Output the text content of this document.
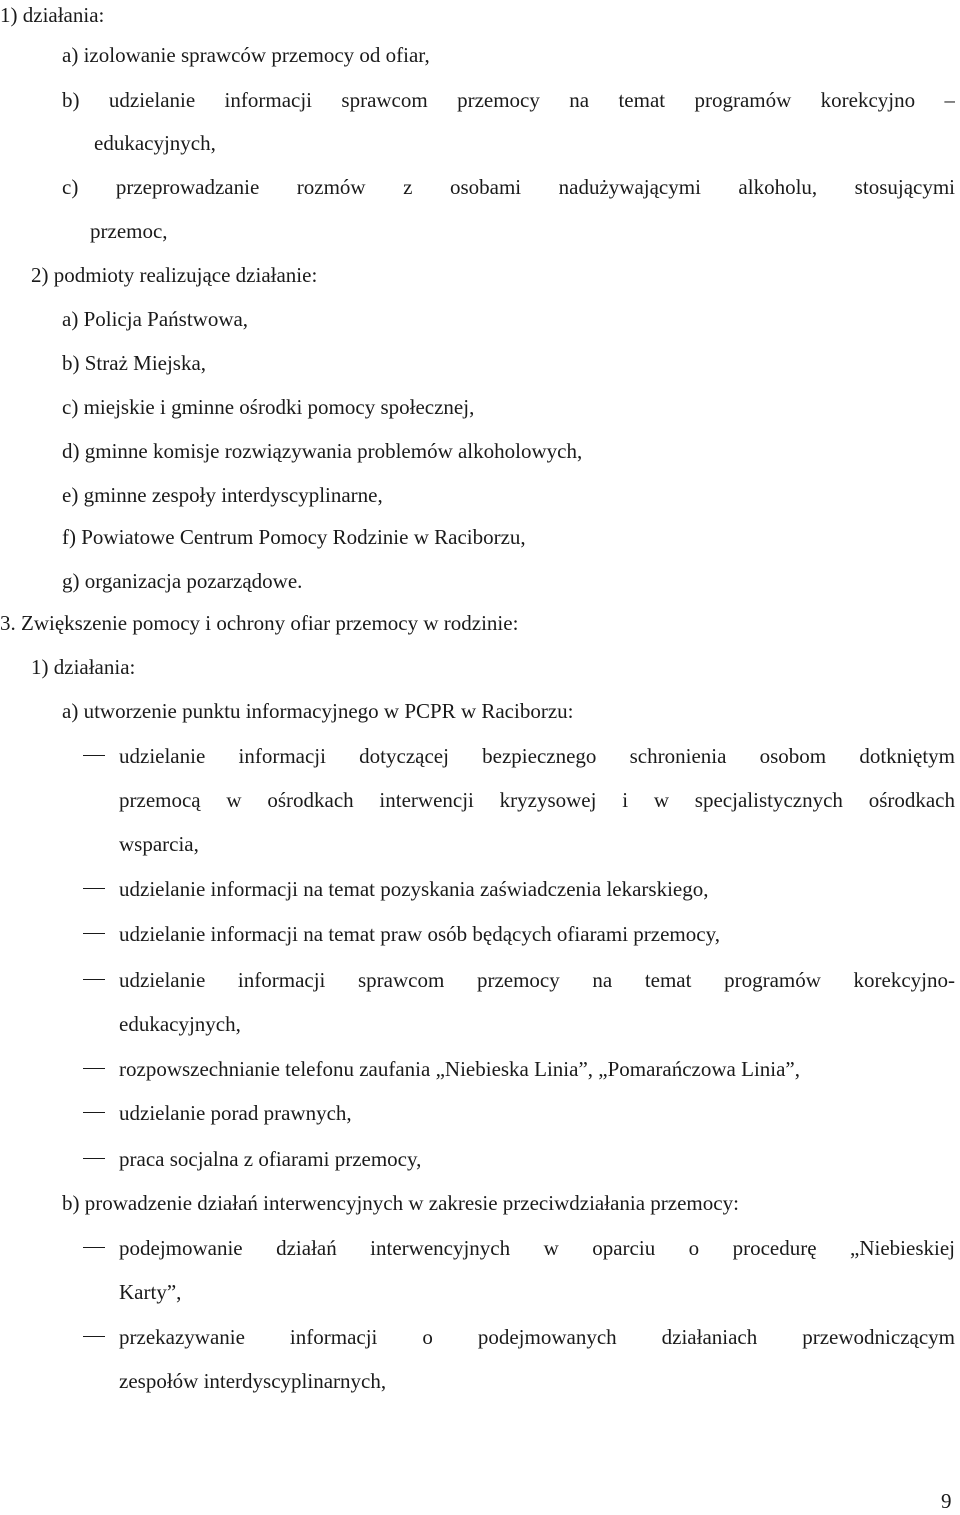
1) działania:
a) izolowanie sprawców przemocy od ofiar,
b) udzielanie informacji sprawcom przemocy na temat programów korekcyjno –
edukacyjnych,
c) przeprowadzanie rozmów z osobami nadużywającymi alkoholu, stosującymi
przemoc,
2) podmioty realizujące działanie:
a) Policja Państwowa,
b) Straż Miejska,
c) miejskie i gminne ośrodki pomocy społecznej,
d) gminne komisje rozwiązywania problemów alkoholowych,
e) gminne zespoły interdyscyplinarne,
f) Powiatowe Centrum Pomocy Rodzinie w Raciborzu,
g) organizacja pozarządowe.
3. Zwiększenie pomocy i ochrony ofiar przemocy w rodzinie:
1) działania:
a) utworzenie punktu informacyjnego w PCPR w Raciborzu:
udzielanie informacji dotyczącej bezpiecznego schronienia osobom dotkniętym
przemocą w ośrodkach interwencji kryzysowej i w specjalistycznych ośrodkach
wsparcia,
udzielanie informacji na temat pozyskania zaświadczenia lekarskiego,
udzielanie informacji na temat praw osób będących ofiarami przemocy,
udzielanie informacji sprawcom przemocy na temat programów korekcyjno-
edukacyjnych,
rozpowszechnianie telefonu zaufania „Niebieska Linia”, „Pomarańczowa Linia”,
udzielanie porad prawnych,
praca socjalna z ofiarami przemocy,
b) prowadzenie działań interwencyjnych w zakresie przeciwdziałania przemocy:
podejmowanie działań interwencyjnych w oparciu o procedurę „Niebieskiej
Karty”,
przekazywanie informacji o podejmowanych działaniach przewodniczącym
zespołów interdyscyplinarnych,
9
